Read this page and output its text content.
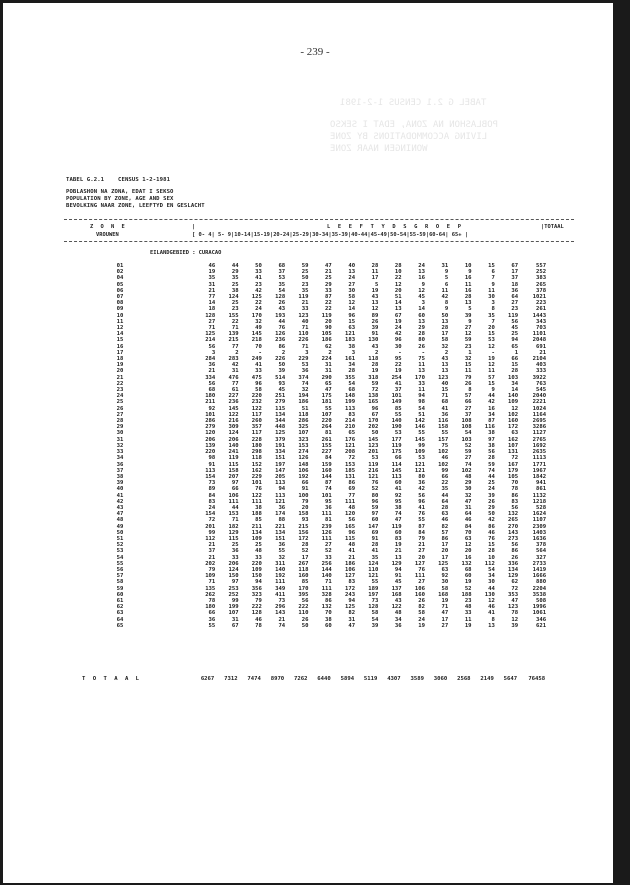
- 239 -
TABEL G 2.1 CENSUS 1-2-1981
POBLASHON NA ZONA, EDAT I SEKSO
LIVING ACCOMMODATIONS BY ZONE
WONINGEN NAAR ZONE
TABEL G.2.1 CENSUS 1-2-1981
POBLASHON NA ZONA, EDAT I SEKSO
POPULATION BY ZONE, AGE AND SEX
BEVOLKING NAAR ZONE, LEEFTYD EN GESLACHT
Z O N E
VROUWEN
|	L E E F T Y D S G R O E P	|TOTAAL
[ 0- 4| 5- 9|10-14|15-19|20-24|25-29|30-34|35-39|40-44|45-49|50-54|55-59|60-64| 65+ |
EILANDGEBIED : CURACAO
01		46	44	50	68	59	47	40	28	28	24	31	10	15	67	557
02		19	29	33	37	25	21	13	11	10	13	9	9	6	17	252
04		35	35	41	53	50	25	24	17	22	16	5	16	7	37	383
05		31	25	23	35	23	29	27	5	12	9	6	11	9	18	265
06		21	38	42	54	35	33	30	19	20	12	11	16	11	36	378
07		77	124	125	128	119	87	58	43	51	45	42	28	30	64	1021
08		14	25	22	26	21	22	12	13	14	3	8	13	3	27	223
09		18	23	24	43	33	22	14	12	13	14	9	5	8	23	261
10		128	155	170	193	123	119	96	89	67	60	50	39	35	119	1443
11		27	22	32	44	40	20	15	26	19	13	13	9	7	56	343
12		71	71	49	76	71	90	63	39	24	29	28	27	20	45	703
14		125	139	145	126	110	105	121	91	42	28	17	12	15	25	1101
15		214	215	218	236	226	186	183	130	96	80	58	59	53	94	2048
16		56	77	70	86	71	62	38	43	30	26	32	23	12	65	691
17		3	2	-	2	3	2	3	2	-	-	2	1	-	1	21
18		284	283	249	226	229	224	161	118	95	75	43	32	19	66	2104
19		36	42	41	50	53	31	34	28	22	11	13	15	12	15	403
20		21	31	33	39	36	31	28	19	19	13	13	11	11	28	333
21		334	476	475	514	374	290	355	318	254	170	123	79	57	103	3922
22		56	77	96	93	74	65	54	59	41	33	40	26	15	34	763
23		68	61	58	45	32	47	68	72	37	11	15	8	9	14	545
24		180	227	220	251	194	175	148	138	101	94	71	57	44	140	2040
25		211	236	232	279	186	181	199	165	149	98	68	66	42	109	2221
26		92	145	122	115	51	55	113	96	85	54	41	27	16	12	1024
27		101	122	117	134	118	107	83	67	55	51	36	37	34	102	1164
28		286	216	260	344	286	220	214	170	140	142	116	108	87	160	2695
29		279	309	357	448	325	264	210	202	190	146	158	108	116	172	3286
30		120	124	117	125	107	81	65	50	53	55	55	54	38	63	1127
31		206	206	228	379	323	261	176	145	177	145	157	103	97	162	2765
32		139	140	180	191	153	155	121	123	119	99	75	52	38	107	1692
33		220	241	298	334	274	227	208	201	175	109	102	59	56	131	2635
34		98	119	118	151	126	84	72	53	66	53	46	27	28	72	1113
36		91	115	152	197	148	159	153	119	114	121	102	74	59	167	1771
37		113	158	162	147	106	160	185	216	145	121	99	102	74	179	1967
38		154	207	229	205	192	144	131	121	113	80	66	48	44	105	1842
39		73	97	101	113	66	87	86	76	60	36	22	29	25	70	941
40		89	66	76	94	91	74	69	52	41	42	35	30	24	78	861
41		84	106	122	113	100	101	77	80	92	56	44	32	39	86	1132
42		83	111	111	121	79	95	111	96	95	96	64	47	26	83	1218
43		24	44	38	36	20	36	48	59	38	41	28	31	29	56	528
47		154	153	188	174	158	111	120	97	74	76	63	64	50	132	1624
48		72	71	85	88	93	81	56	60	47	55	46	46	42	265	1107
49		201	182	211	221	215	239	165	147	119	87	82	84	86	270	2309
50		99	129	134	134	156	126	96	69	60	84	57	70	46	143	1403
51		112	115	109	151	172	111	115	91	83	79	86	63	76	273	1636
52		21	25	25	36	28	27	48	28	19	21	17	12	15	56	378
53		37	36	48	55	52	52	41	41	21	27	20	20	28	86	564
54		21	33	33	32	17	33	21	35	13	20	17	16	10	26	327
55		202	206	220	311	267	256	186	124	129	127	125	132	112	336	2733
56		79	124	109	140	118	144	106	110	94	76	63	68	54	134	1419
57		109	150	150	192	160	140	127	121	91	111	92	60	34	129	1666
58		71	97	94	111	85	71	83	55	45	27	30	19	30	62	880
59		135	253	356	349	170	111	172	189	137	106	58	52	44	72	2204
60		262	252	323	411	395	328	243	197	168	160	168	188	130	353	3538
61		78	99	79	73	56	86	94	73	43	26	19	23	12	47	508
62		180	199	222	296	222	132	125	128	122	82	71	48	46	123	1996
63		66	107	128	143	110	70	82	58	48	58	47	33	41	78	1061
64		36	31	46	21	26	38	31	54	34	24	17	11	8	12	346
65		55	67	78	74	50	60	47	39	36	19	27	19	13	39	621
T O T A A L	6267 7312 7474 8970 7262 6440 5894 5119 4307 3589 3060 2568 2149 5647 76458
